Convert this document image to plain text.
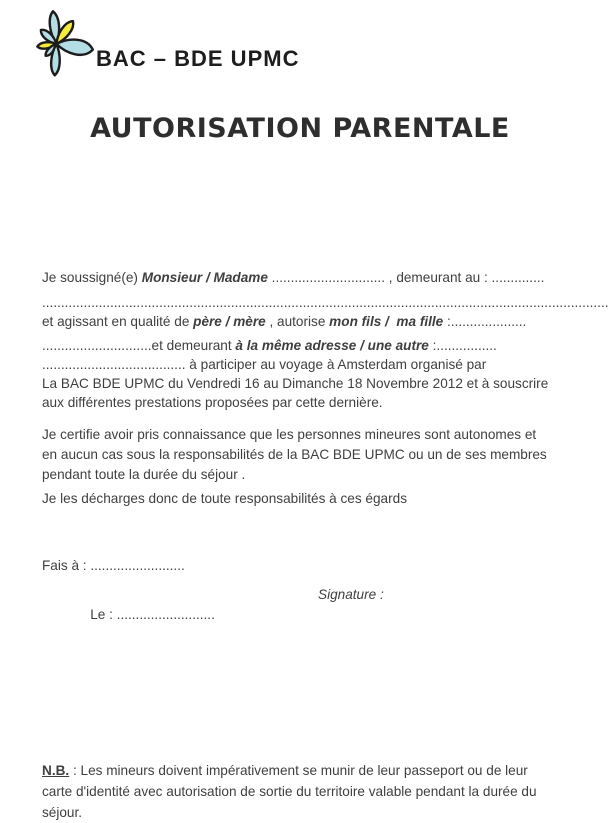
BAC – BDE UPMC
AUTORISATION PARENTALE
Je soussigné(e) Monsieur / Madame .............................. , demeurant au : ..............
......................................................................................................................................................
et agissant en qualité de père / mère , autorise mon fils /  ma fille :....................
.............................et demeurant à la même adresse / une autre :................
...................................... à participer au voyage à Amsterdam organisé par
La BAC BDE UPMC du Vendredi 16 au Dimanche 18 Novembre 2012 et à souscrire
aux différentes prestations proposées par cette dernière.
Je certifie avoir pris connaissance que les personnes mineures sont autonomes et
en aucun cas sous la responsabilités de la BAC BDE UPMC ou un de ses membres
pendant toute la durée du séjour .
Je les décharges donc de toute responsabilités à ces égards
Fais à : .........................

Le : ..........................

Signature :

N.B. : Les mineurs doivent impérativement se munir de leur passeport ou de leur
carte d'identité avec autorisation de sortie du territoire valable pendant la durée du
séjour.
